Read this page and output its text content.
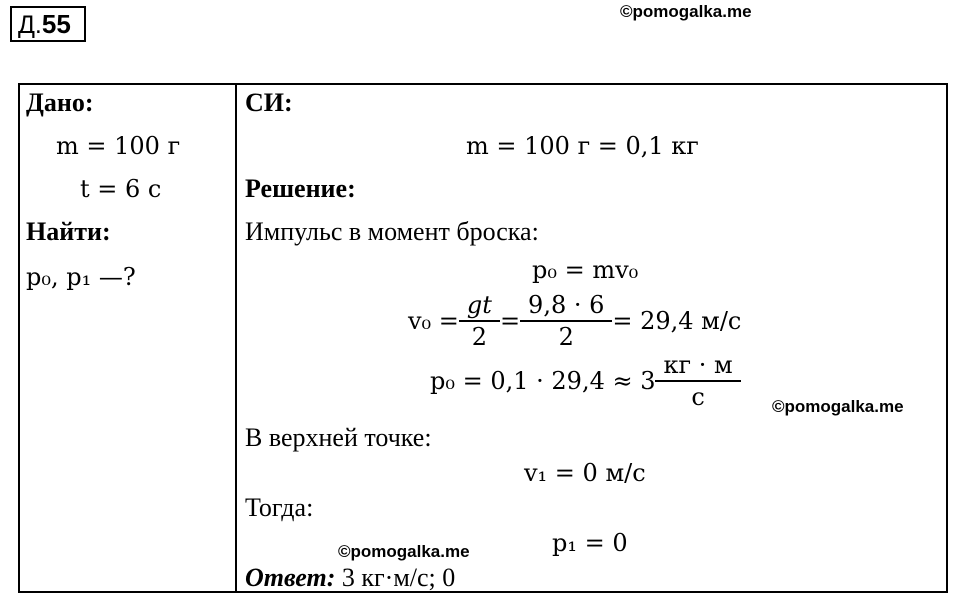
Д.55	©pomogalka.me
Дано:
m = 100 г
t = 6 с
Найти:
p₀, p₁ —?
СИ:
m = 100 г = 0,1 кг
Решение:
Импульс в момент броска:
p₀ = mv₀
$v_0 = \frac{gt}{2} = \frac{9,8 \cdot 6}{2} = 29,4$ м/с
$p_0 = 0,1 \cdot 29,4 \approx 3 \frac{кг \cdot м}{с}$ ©pomogalka.me
В верхней точке:
v₁ = 0 м/с
Тогда:
p₁ = 0
©pomogalka.me
Ответ: 3 кг·м/с; 0
